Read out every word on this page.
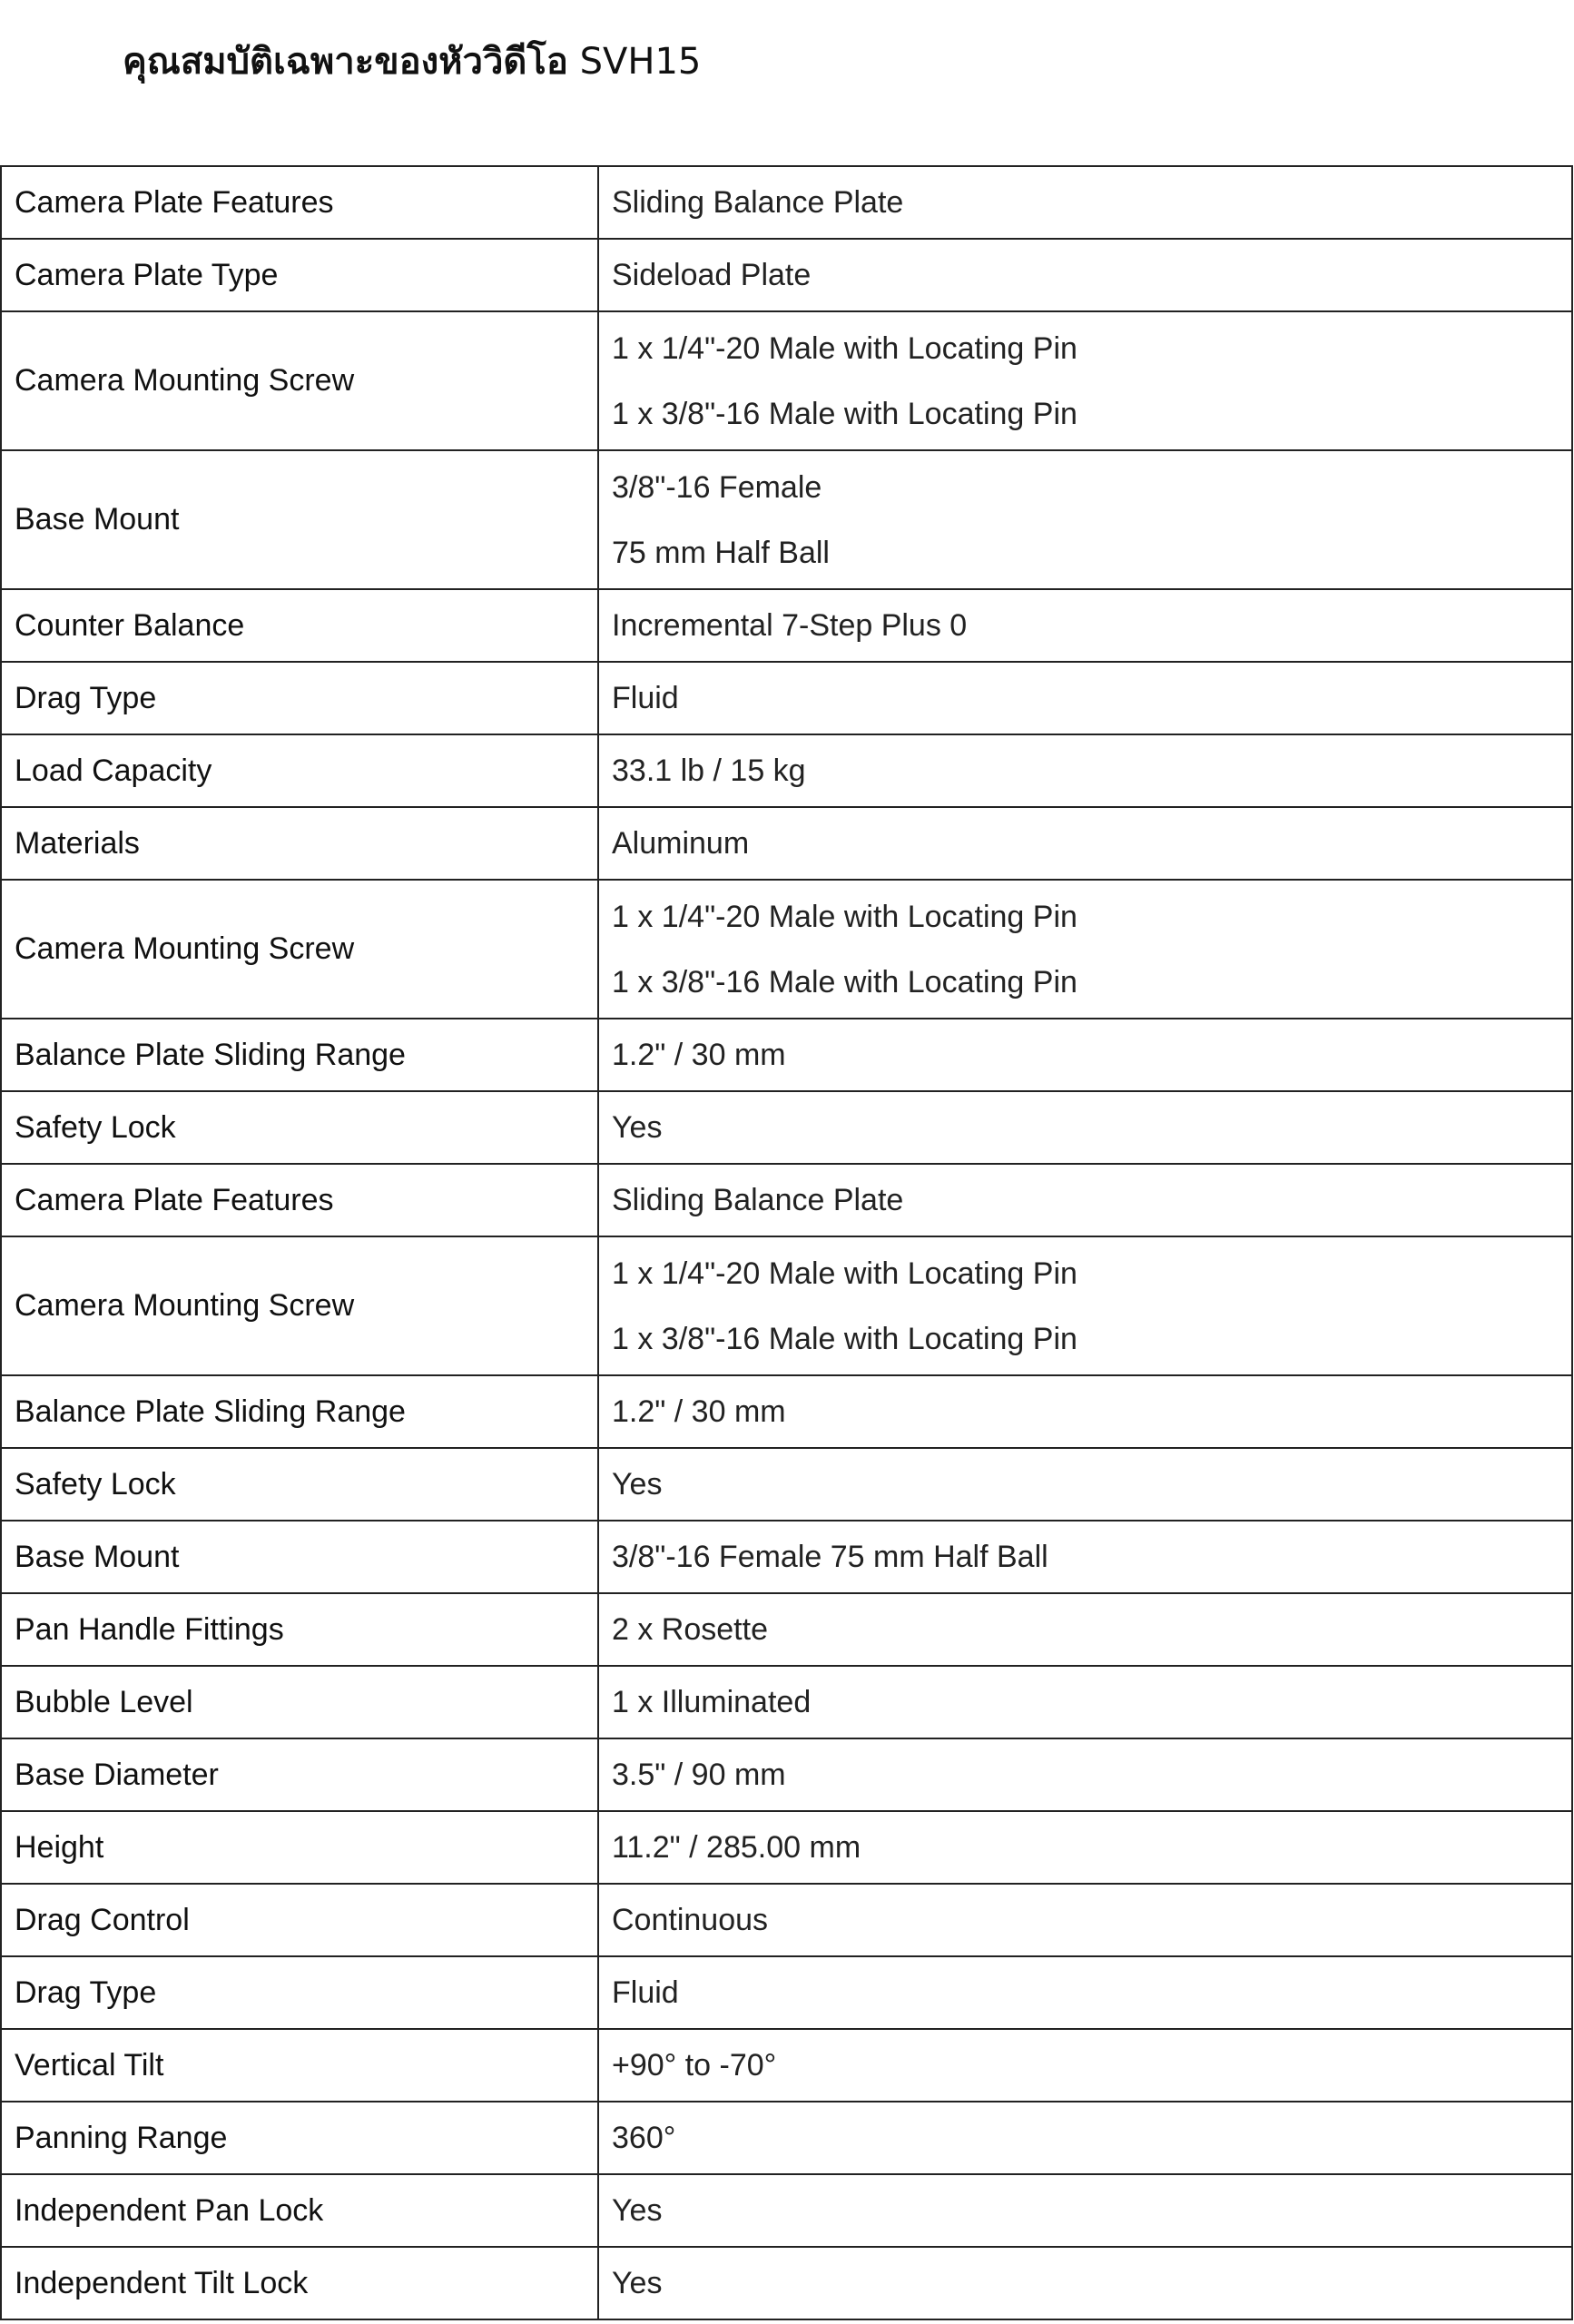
คุณสมบัติเฉพาะของหัววิดีโอ SVH15
Camera Plate Features	Sliding Balance Plate

Camera Plate Type	Sideload Plate

Camera Mounting Screw	1 x 1/4"-20 Male with Locating Pin
1 x 3/8"-16 Male with Locating Pin

Base Mount	3/8"-16 Female
75 mm Half Ball

Counter Balance	Incremental 7-Step Plus 0

Drag Type	Fluid

Load Capacity	33.1 lb / 15 kg

Materials	Aluminum

Camera Mounting Screw	1 x 1/4"-20 Male with Locating Pin
1 x 3/8"-16 Male with Locating Pin

Balance Plate Sliding Range	1.2" / 30 mm

Safety Lock	Yes

Camera Plate Features	Sliding Balance Plate

Camera Mounting Screw	1 x 1/4"-20 Male with Locating Pin
1 x 3/8"-16 Male with Locating Pin

Balance Plate Sliding Range	1.2" / 30 mm

Safety Lock	Yes

Base Mount	3/8"-16 Female 75 mm Half Ball

Pan Handle Fittings	2 x Rosette

Bubble Level	1 x Illuminated

Base Diameter	3.5" / 90 mm

Height	11.2" / 285.00 mm

Drag Control	Continuous

Drag Type	Fluid

Vertical Tilt	+90° to -70°

Panning Range	360°

Independent Pan Lock	Yes

Independent Tilt Lock	Yes
